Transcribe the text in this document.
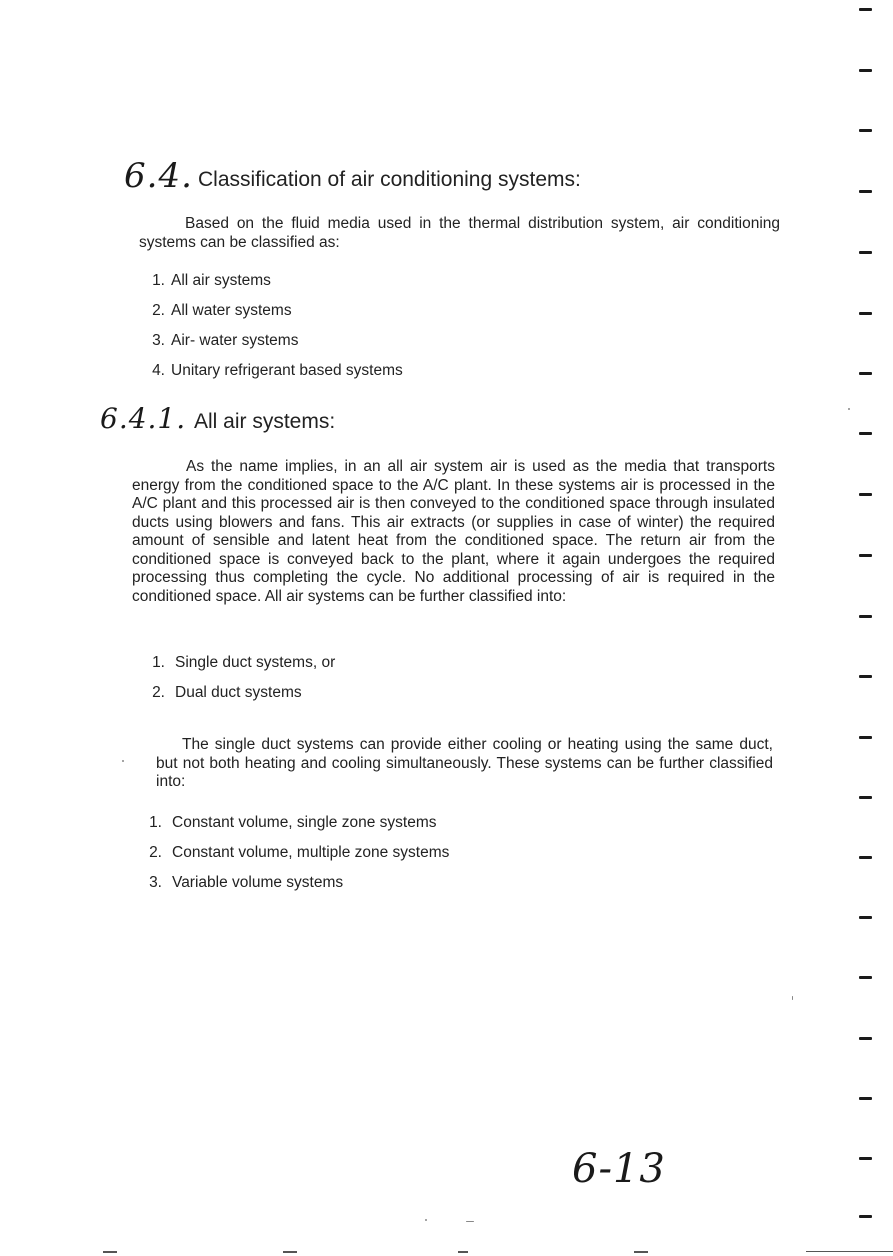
6.4. Classification of air conditioning systems:

Based on the fluid media used in the thermal distribution system, air conditioning systems can be classified as:

1. All air systems
2. All water systems
3. Air- water systems
4. Unitary refrigerant based systems
6.4.1. All air systems:

As the name implies, in an all air system air is used as the media that transports energy from the conditioned space to the A/C plant. In these systems air is processed in the A/C plant and this processed air is then conveyed to the conditioned space through insulated ducts using blowers and fans. This air extracts (or supplies in case of winter) the required amount of sensible and latent heat from the conditioned space. The return air from the conditioned space is conveyed back to the plant, where it again undergoes the required processing thus completing the cycle. No additional processing of air is required in the conditioned space. All air systems can be further classified into:

1. Single duct systems, or
2. Dual duct systems

The single duct systems can provide either cooling or heating using the same duct, but not both heating and cooling simultaneously. These systems can be further classified into:

1. Constant volume, single zone systems
2. Constant volume, multiple zone systems
3. Variable volume systems
6-13
